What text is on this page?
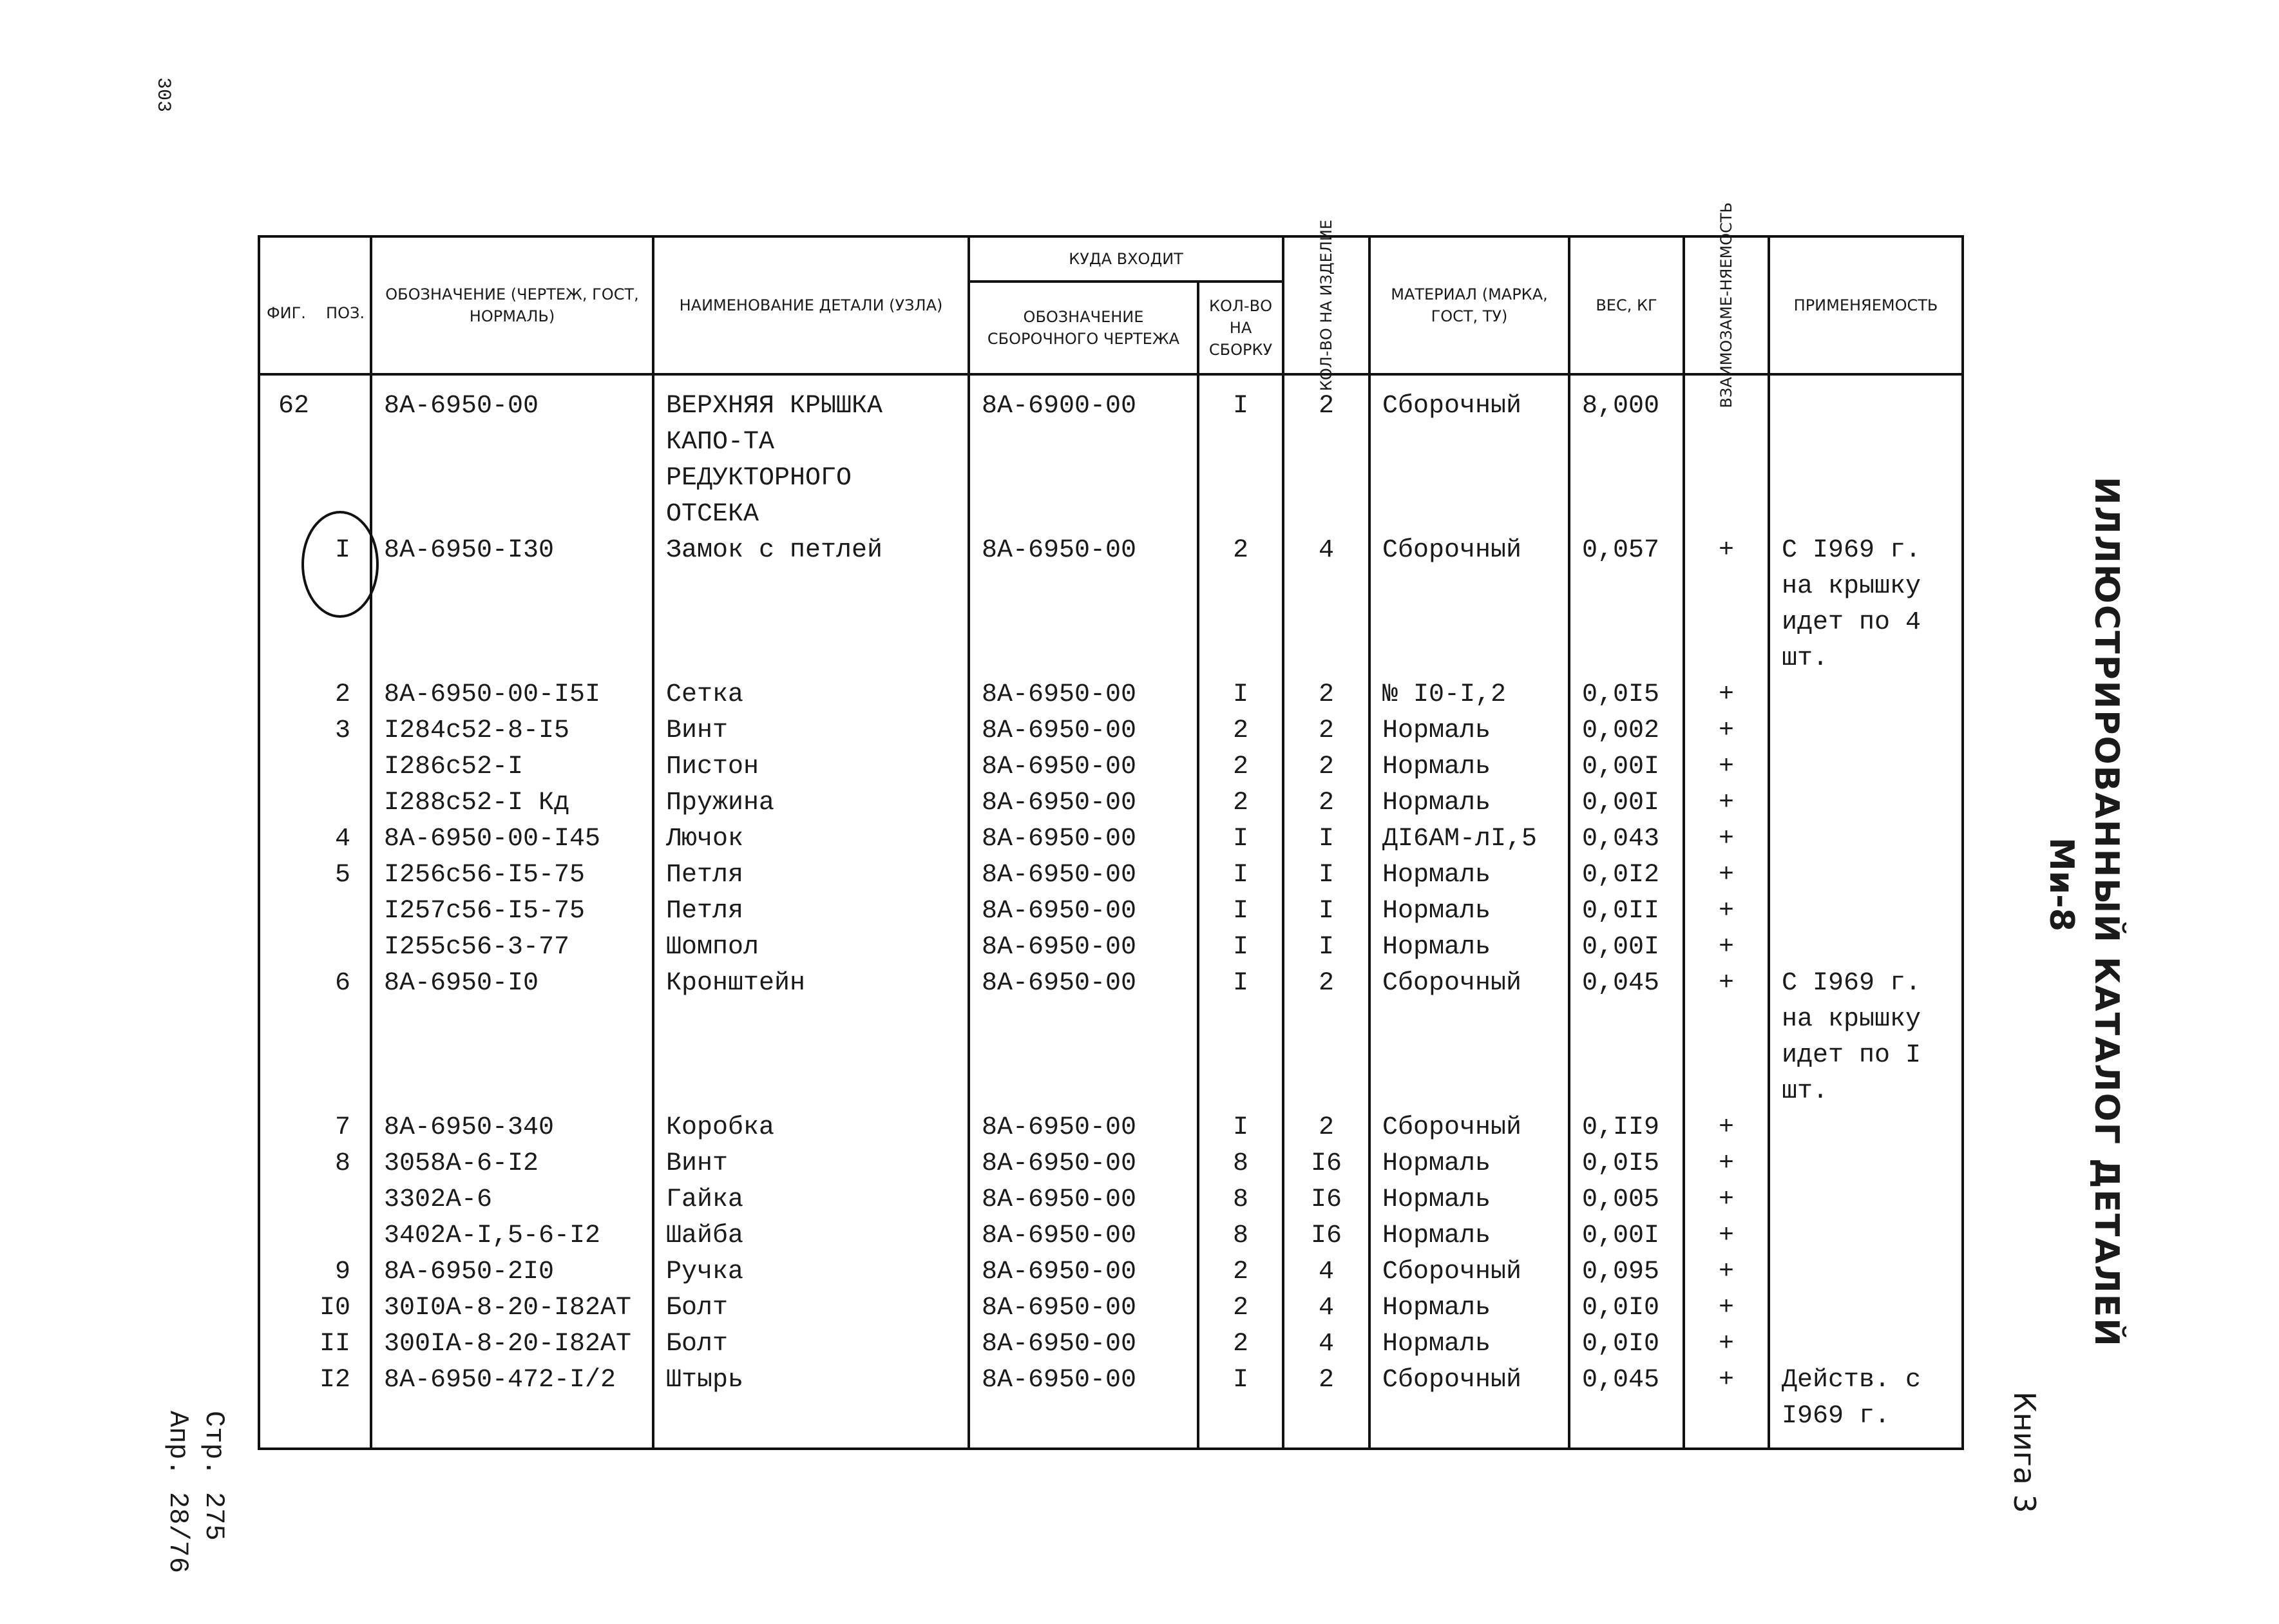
303
ИЛЛЮСТРИРОВАННЫЙ КАТАЛОГ ДЕТАЛЕЙ
Ми-8
Книга 3
Стр. 275
Апр. 28/76
ФИГ. ПОЗ.	ОБОЗНАЧЕНИЕ (ЧЕРТЕЖ, ГОСТ, НОРМАЛЬ)	НАИМЕНОВАНИЕ ДЕТАЛИ (УЗЛА)	КУДА ВХОДИТ		КОЛ-ВО НА ИЗДЕЛИЕ	МАТЕРИАЛ (МАРКА, ГОСТ, ТУ)	ВЕС, КГ	ВЗАИМОЗАМЕ-НЯЕМОСТЬ	ПРИМЕНЯЕМОСТЬ
			ОБОЗНАЧЕНИЕ СБОРОЧНОГО ЧЕРТЕЖА	КОЛ-ВО НА СБОРКУ					

62	8А-6950-00	ВЕРХНЯЯ КРЫШКА КАПО-ТА РЕДУКТОРНОГО ОТСЕКА	8А-6900-00	I	2	Сборочный	8,000		
I	8А-6950-I30	Замок с петлей	8А-6950-00	2	4	Сборочный	0,057	+	С I969 г. на крышку идет по 4 шт.
2	8А-6950-00-I5I	Сетка	8А-6950-00	I	2	№ I0-I,2	0,0I5	+	
3	I284с52-8-I5	Винт	8А-6950-00	2	2	Нормаль	0,002	+	
	I286с52-I	Пистон	8А-6950-00	2	2	Нормаль	0,00I	+	
	I288с52-I Кд	Пружина	8А-6950-00	2	2	Нормаль	0,00I	+	
4	8А-6950-00-I45	Лючок	8А-6950-00	I	I	ДI6АМ-лI,5	0,043	+	
5	I256с56-I5-75	Петля	8А-6950-00	I	I	Нормаль	0,0I2	+	
	I257с56-I5-75	Петля	8А-6950-00	I	I	Нормаль	0,0II	+	
	I255с56-3-77	Шомпол	8А-6950-00	I	I	Нормаль	0,00I	+	
6	8А-6950-I0	Кронштейн	8А-6950-00	I	2	Сборочный	0,045	+	С I969 г. на крышку идет по I шт.
7	8А-6950-340	Коробка	8А-6950-00	I	2	Сборочный	0,II9	+	
8	3058А-6-I2	Винт	8А-6950-00	8	I6	Нормаль	0,0I5	+	
	3302А-6	Гайка	8А-6950-00	8	I6	Нормаль	0,005	+	
	3402А-I,5-6-I2	Шайба	8А-6950-00	8	I6	Нормаль	0,00I	+	
9	8А-6950-2I0	Ручка	8А-6950-00	2	4	Сборочный	0,095	+	
I0	30I0А-8-20-I82АТ	Болт	8А-6950-00	2	4	Нормаль	0,0I0	+	
II	300IА-8-20-I82АТ	Болт	8А-6950-00	2	4	Нормаль	0,0I0	+	
I2	8А-6950-472-I/2	Штырь	8А-6950-00	I	2	Сборочный	0,045	+	Действ. с I969 г.
